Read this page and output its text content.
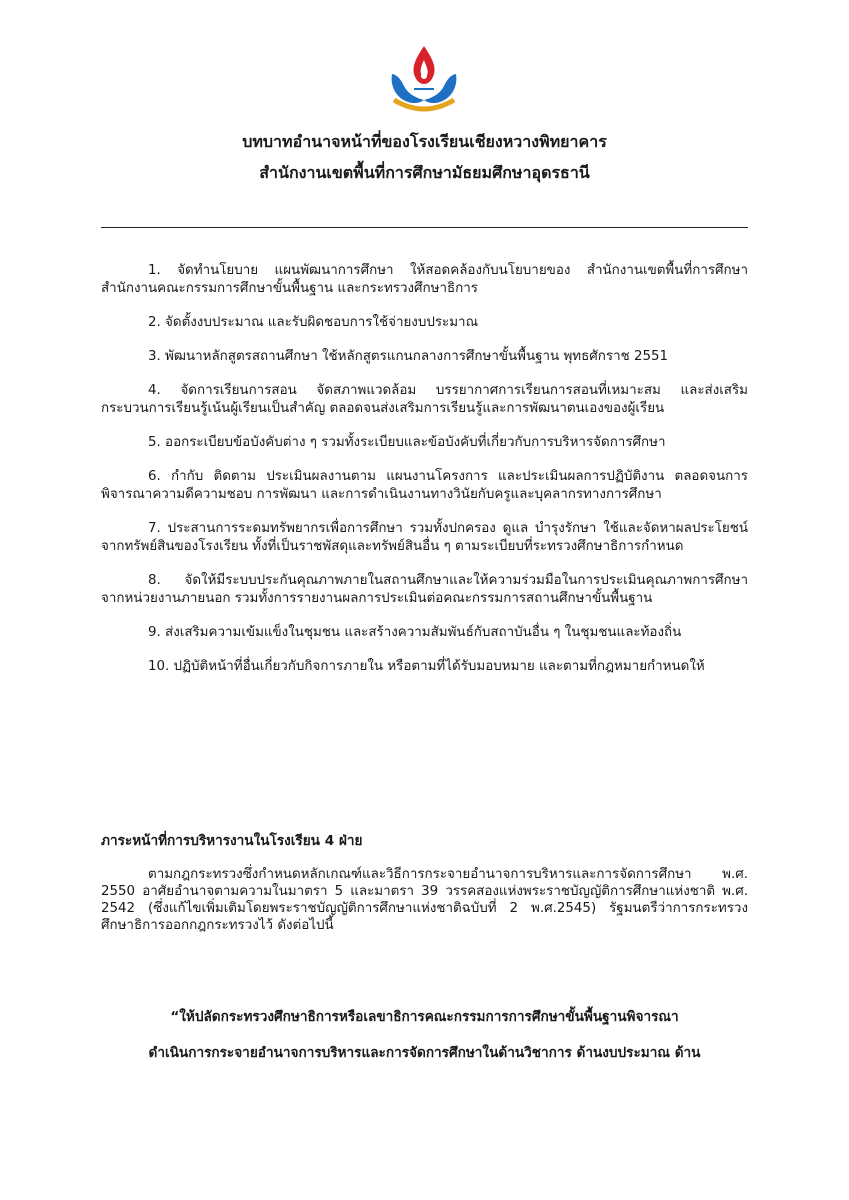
บทบาทอำนาจหน้าที่ของโรงเรียนเชียงหวางพิทยาคาร
สำนักงานเขตพื้นที่การศึกษามัธยมศึกษาอุดรธานี

1. จัดทำนโยบาย แผนพัฒนาการศึกษา ให้สอดคล้องกับนโยบายของ สำนักงานเขตพื้นที่การศึกษา สำนักงานคณะกรรมการศึกษาขั้นพื้นฐาน และกระทรวงศึกษาธิการ

2. จัดตั้งงบประมาณ และรับผิดชอบการใช้จ่ายงบประมาณ

3. พัฒนาหลักสูตรสถานศึกษา ใช้หลักสูตรแกนกลางการศึกษาขั้นพื้นฐาน พุทธศักราช 2551

4. จัดการเรียนการสอน จัดสภาพแวดล้อม บรรยากาศการเรียนการสอนที่เหมาะสม และส่งเสริมกระบวนการเรียนรู้เน้นผู้เรียนเป็นสำคัญ ตลอดจนส่งเสริมการเรียนรู้และการพัฒนาตนเองของผู้เรียน

5. ออกระเบียบข้อบังคับต่าง ๆ รวมทั้งระเบียบและข้อบังคับที่เกี่ยวกับการบริหารจัดการศึกษา

6. กำกับ ติดตาม ประเมินผลงานตาม แผนงานโครงการ และประเมินผลการปฏิบัติงาน ตลอดจนการพิจารณาความดีความชอบ การพัฒนา และการดำเนินงานทางวินัยกับครูและบุคลากรทางการศึกษา

7. ประสานการระดมทรัพยากรเพื่อการศึกษา รวมทั้งปกครอง ดูแล บำรุงรักษา ใช้และจัดหาผลประโยชน์จากทรัพย์สินของโรงเรียน ทั้งที่เป็นราชพัสดุและทรัพย์สินอื่น ๆ ตามระเบียบที่ระทรวงศึกษาธิการกำหนด

8. จัดให้มีระบบประกันคุณภาพภายในสถานศึกษาและให้ความร่วมมือในการประเมินคุณภาพการศึกษาจากหน่วยงานภายนอก รวมทั้งการรายงานผลการประเมินต่อคณะกรรมการสถานศึกษาขั้นพื้นฐาน

9. ส่งเสริมความเข้มแข็งในชุมชน และสร้างความสัมพันธ์กับสถาบันอื่น ๆ ในชุมชนและท้องถิ่น

10. ปฏิบัติหน้าที่อื่นเกี่ยวกับกิจการภายใน หรือตามที่ได้รับมอบหมาย และตามที่กฎหมายกำหนดให้

ภาระหน้าที่การบริหารงานในโรงเรียน 4 ฝ่าย

ตามกฎกระทรวงซึ่งกำหนดหลักเกณฑ์และวิธีการกระจายอำนาจการบริหารและการจัดการศึกษา พ.ศ. 2550 อาศัยอำนาจตามความในมาตรา 5 และมาตรา 39 วรรคสองแห่งพระราชบัญญัติการศึกษาแห่งชาติ พ.ศ. 2542 (ซึ่งแก้ไขเพิ่มเติมโดยพระราชบัญญัติการศึกษาแห่งชาติฉบับที่ 2 พ.ศ.2545) รัฐมนตรีว่าการกระทรวงศึกษาธิการออกกฎกระทรวงไว้ ดังต่อไปนี้

“ให้ปลัดกระทรวงศึกษาธิการหรือเลขาธิการคณะกรรมการการศึกษาขั้นพื้นฐานพิจารณา
ดำเนินการกระจายอำนาจการบริหารและการจัดการศึกษาในด้านวิชาการ ด้านงบประมาณ ด้าน
